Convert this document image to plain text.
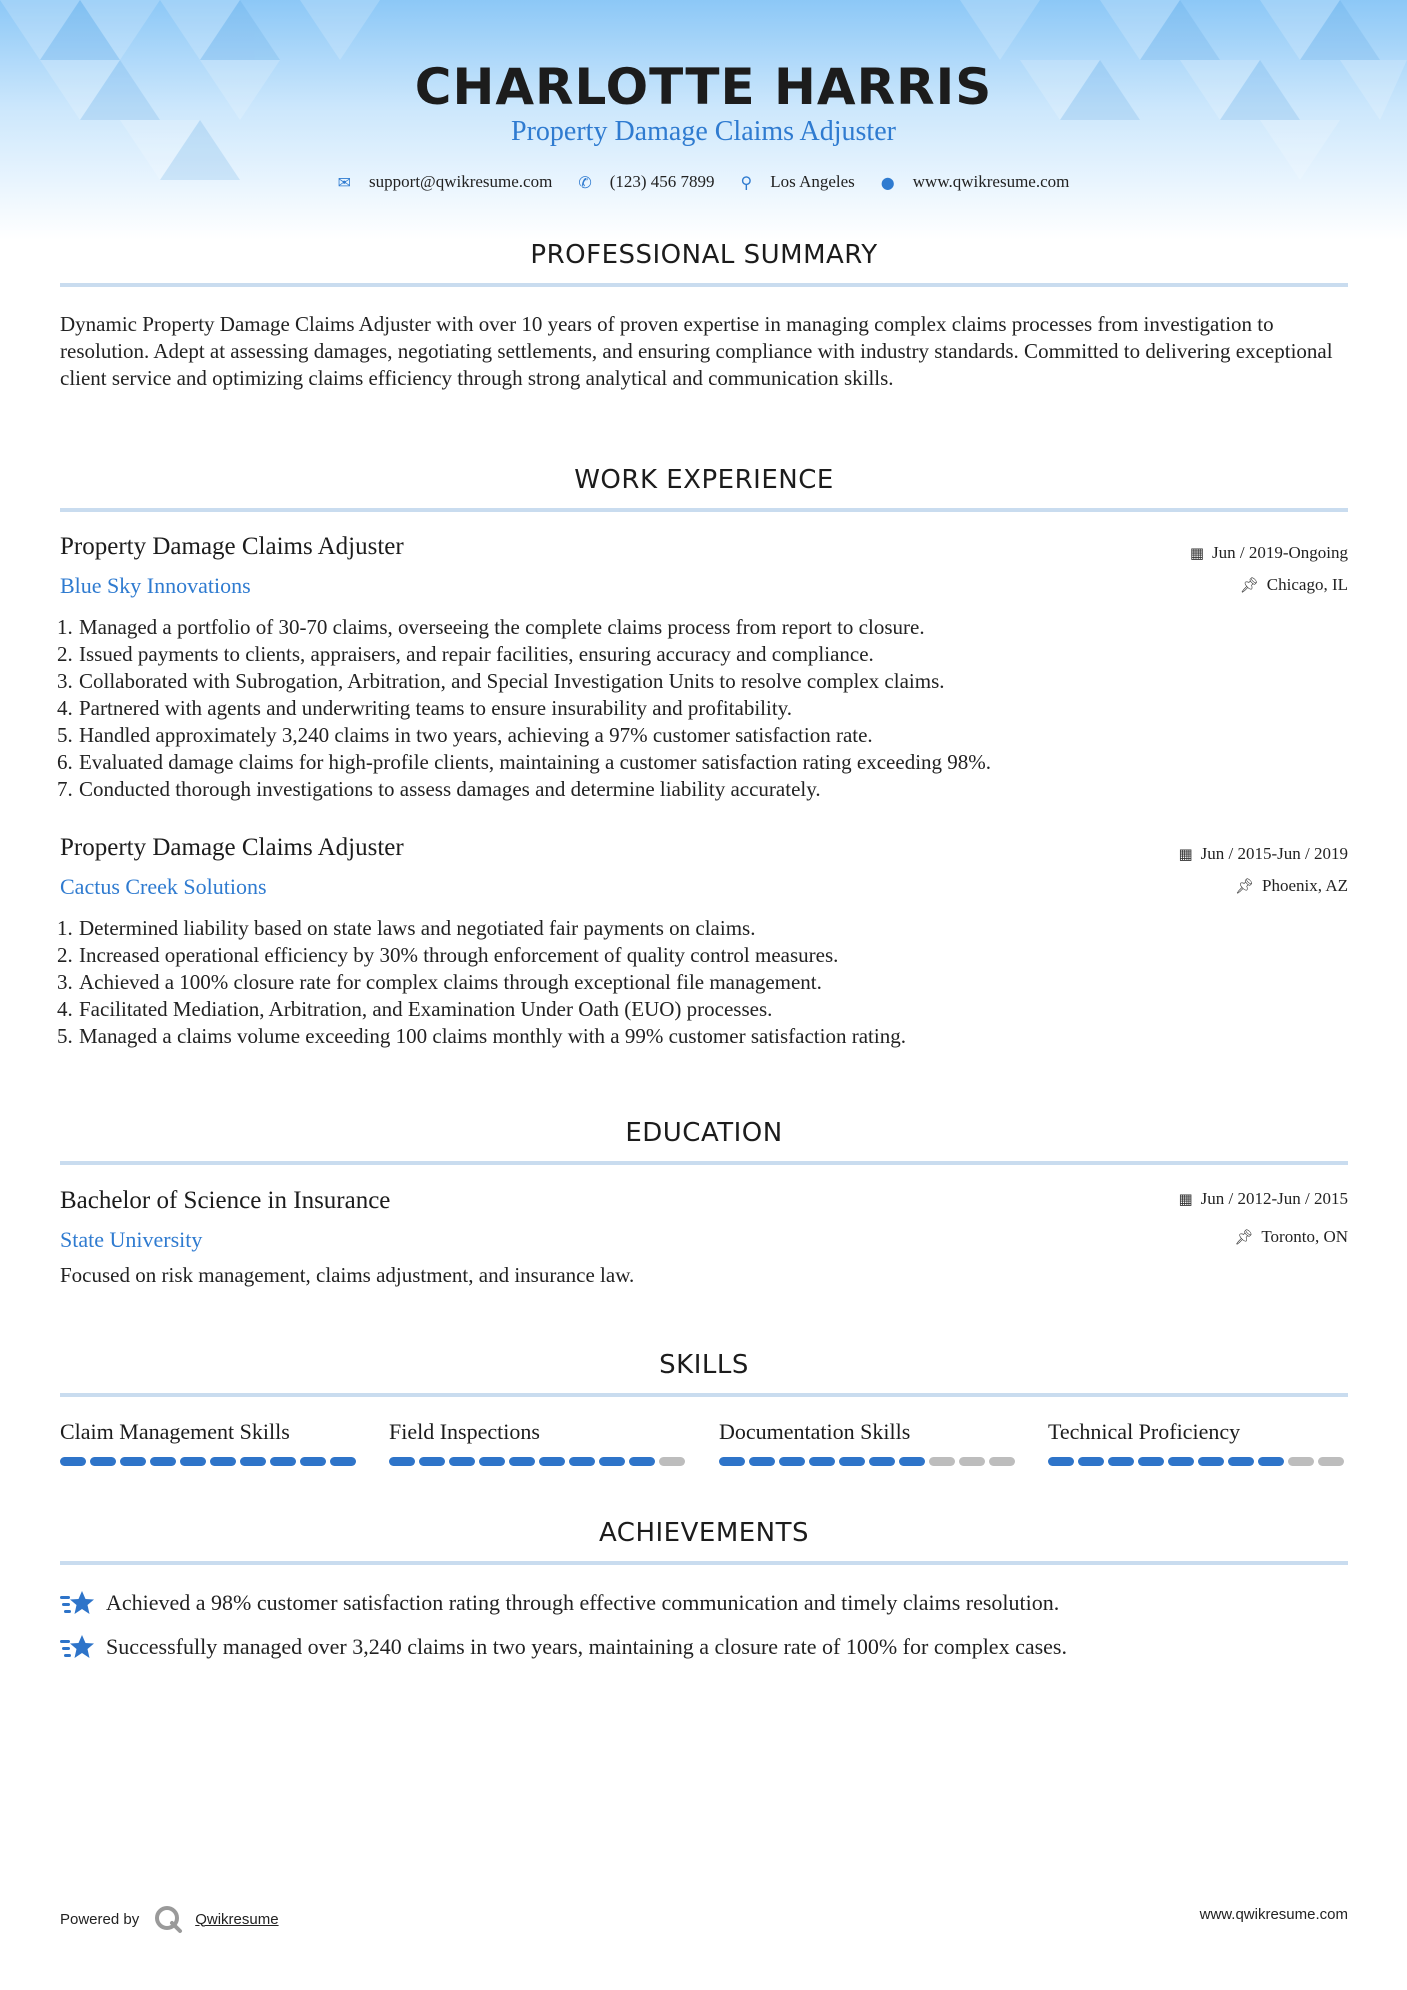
CHARLOTTE HARRIS
Property Damage Claims Adjuster
✉ support@qwikresume.com ✆ (123) 456 7899 ⚲ Los Angeles ● www.qwikresume.com
PROFESSIONAL SUMMARY
Dynamic Property Damage Claims Adjuster with over 10 years of proven expertise in managing complex claims processes from investigation to resolution. Adept at assessing damages, negotiating settlements, and ensuring compliance with industry standards. Committed to delivering exceptional client service and optimizing claims efficiency through strong analytical and communication skills.
WORK EXPERIENCE
Property Damage Claims Adjuster
Blue Sky Innovations
▦ Jun / 2019-Ongoing
📌︎ Chicago, IL
1. Managed a portfolio of 30-70 claims, overseeing the complete claims process from report to closure.
2. Issued payments to clients, appraisers, and repair facilities, ensuring accuracy and compliance.
3. Collaborated with Subrogation, Arbitration, and Special Investigation Units to resolve complex claims.
4. Partnered with agents and underwriting teams to ensure insurability and profitability.
5. Handled approximately 3,240 claims in two years, achieving a 97% customer satisfaction rate.
6. Evaluated damage claims for high-profile clients, maintaining a customer satisfaction rating exceeding 98%.
7. Conducted thorough investigations to assess damages and determine liability accurately.
Property Damage Claims Adjuster
Cactus Creek Solutions
▦ Jun / 2015-Jun / 2019
📌︎ Phoenix, AZ
1. Determined liability based on state laws and negotiated fair payments on claims.
2. Increased operational efficiency by 30% through enforcement of quality control measures.
3. Achieved a 100% closure rate for complex claims through exceptional file management.
4. Facilitated Mediation, Arbitration, and Examination Under Oath (EUO) processes.
5. Managed a claims volume exceeding 100 claims monthly with a 99% customer satisfaction rating.
EDUCATION
Bachelor of Science in Insurance
State University
▦ Jun / 2012-Jun / 2015
📌︎ Toronto, ON
Focused on risk management, claims adjustment, and insurance law.
SKILLS
Claim Management Skills	Field Inspections	Documentation Skills	Technical Proficiency
ACHIEVEMENTS
Achieved a 98% customer satisfaction rating through effective communication and timely claims resolution.
Successfully managed over 3,240 claims in two years, maintaining a closure rate of 100% for complex cases.
Powered by	Qwikresume	www.qwikresume.com
